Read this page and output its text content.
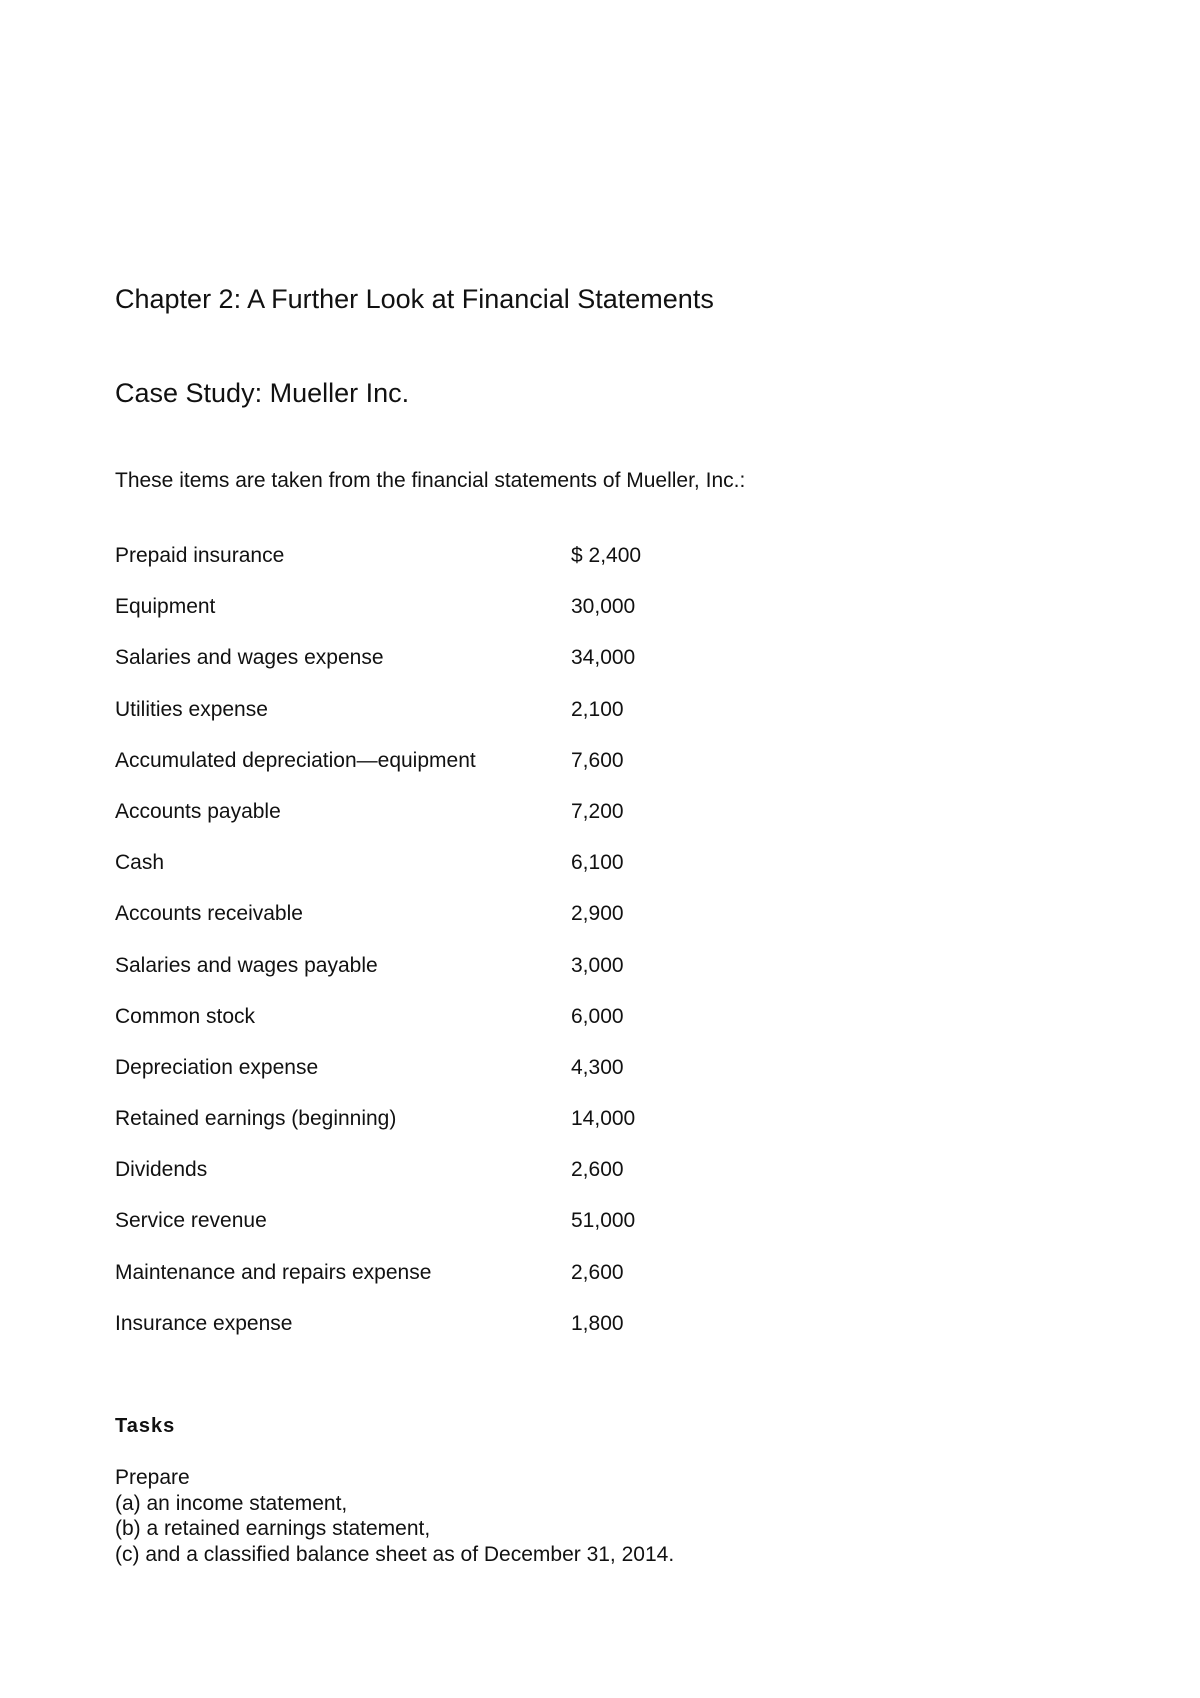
Chapter 2: A Further Look at Financial Statements
Case Study: Mueller Inc.
These items are taken from the financial statements of Mueller, Inc.:
Prepaid insurance	$ 2,400
Equipment	30,000
Salaries and wages expense	34,000
Utilities expense	2,100
Accumulated depreciation—equipment	7,600
Accounts payable	7,200
Cash	6,100
Accounts receivable	2,900
Salaries and wages payable	3,000
Common stock	6,000
Depreciation expense	4,300
Retained earnings (beginning)	14,000
Dividends	2,600
Service revenue	51,000
Maintenance and repairs expense	2,600
Insurance expense	1,800
Tasks
Prepare
(a) an income statement,
(b) a retained earnings statement,
(c) and a classified balance sheet as of December 31, 2014.
